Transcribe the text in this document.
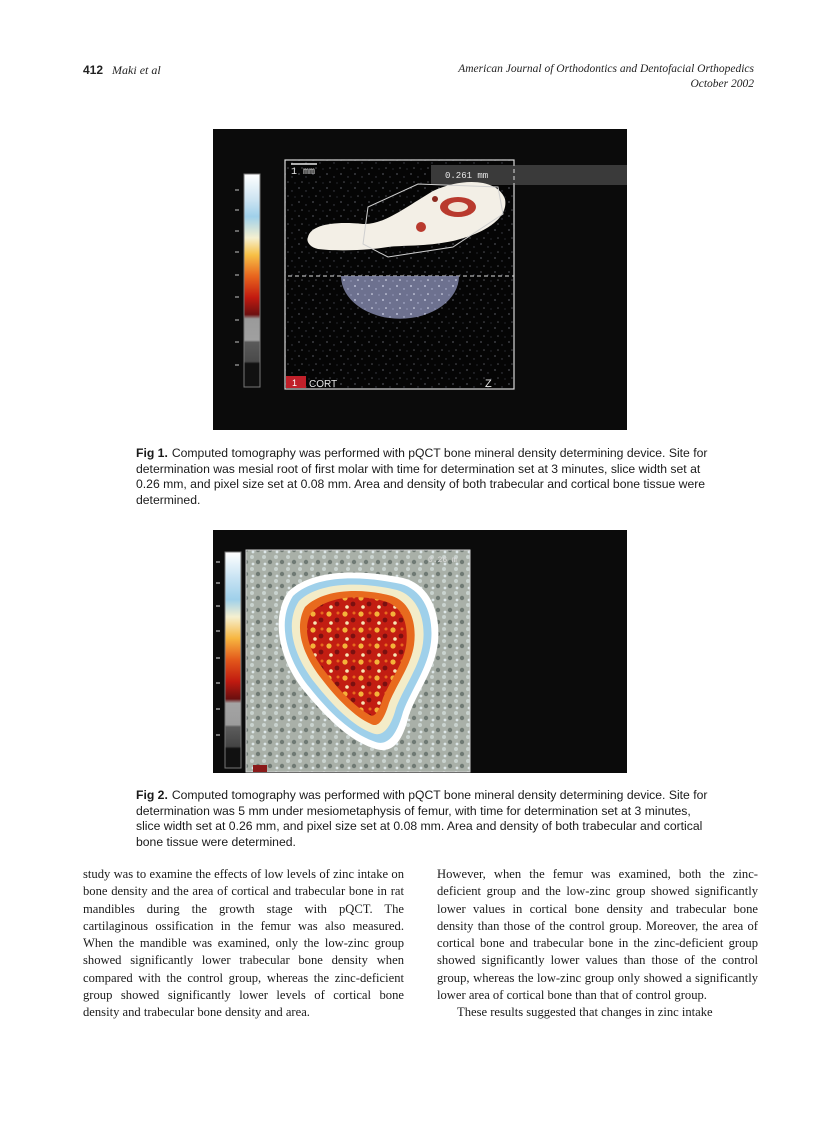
412 Maki et al	American Journal of Orthodontics and Dentofacial Orthopedics
October 2002
1 mm	0.261 mm
1 CORT	Z
Fig 1. Computed tomography was performed with pQCT bone mineral density determining device. Site for determination was mesial root of first molar with time for determination set at 3 minutes, slice width set at 0.26 mm, and pixel size set at 0.08 mm. Area and density of both trabecular and cortical bone tissue were determined.
0.26 m
Fig 2. Computed tomography was performed with pQCT bone mineral density determining device. Site for determination was 5 mm under mesiometaphysis of femur, with time for determination set at 3 minutes, slice width set at 0.26 mm, and pixel size set at 0.08 mm. Area and density of both trabecular and cortical bone tissue were determined.

study was to examine the effects of low levels of zinc intake on bone density and the area of cortical and trabecular bone in rat mandibles during the growth stage with pQCT. The cartilaginous ossification in the femur was also measured. When the mandible was examined, only the low-zinc group showed significantly lower trabecular bone density when compared with the control group, whereas the zinc-deficient group showed significantly lower levels of cortical bone density and trabecular bone density and area.

However, when the femur was examined, both the zinc-deficient group and the low-zinc group showed significantly lower values in cortical bone density and trabecular bone density than those of the control group. Moreover, the area of cortical bone and trabecular bone in the zinc-deficient group showed significantly lower values than those of the control group, whereas the low-zinc group only showed a significantly lower area of cortical bone than that of control group.

These results suggested that changes in zinc intake
